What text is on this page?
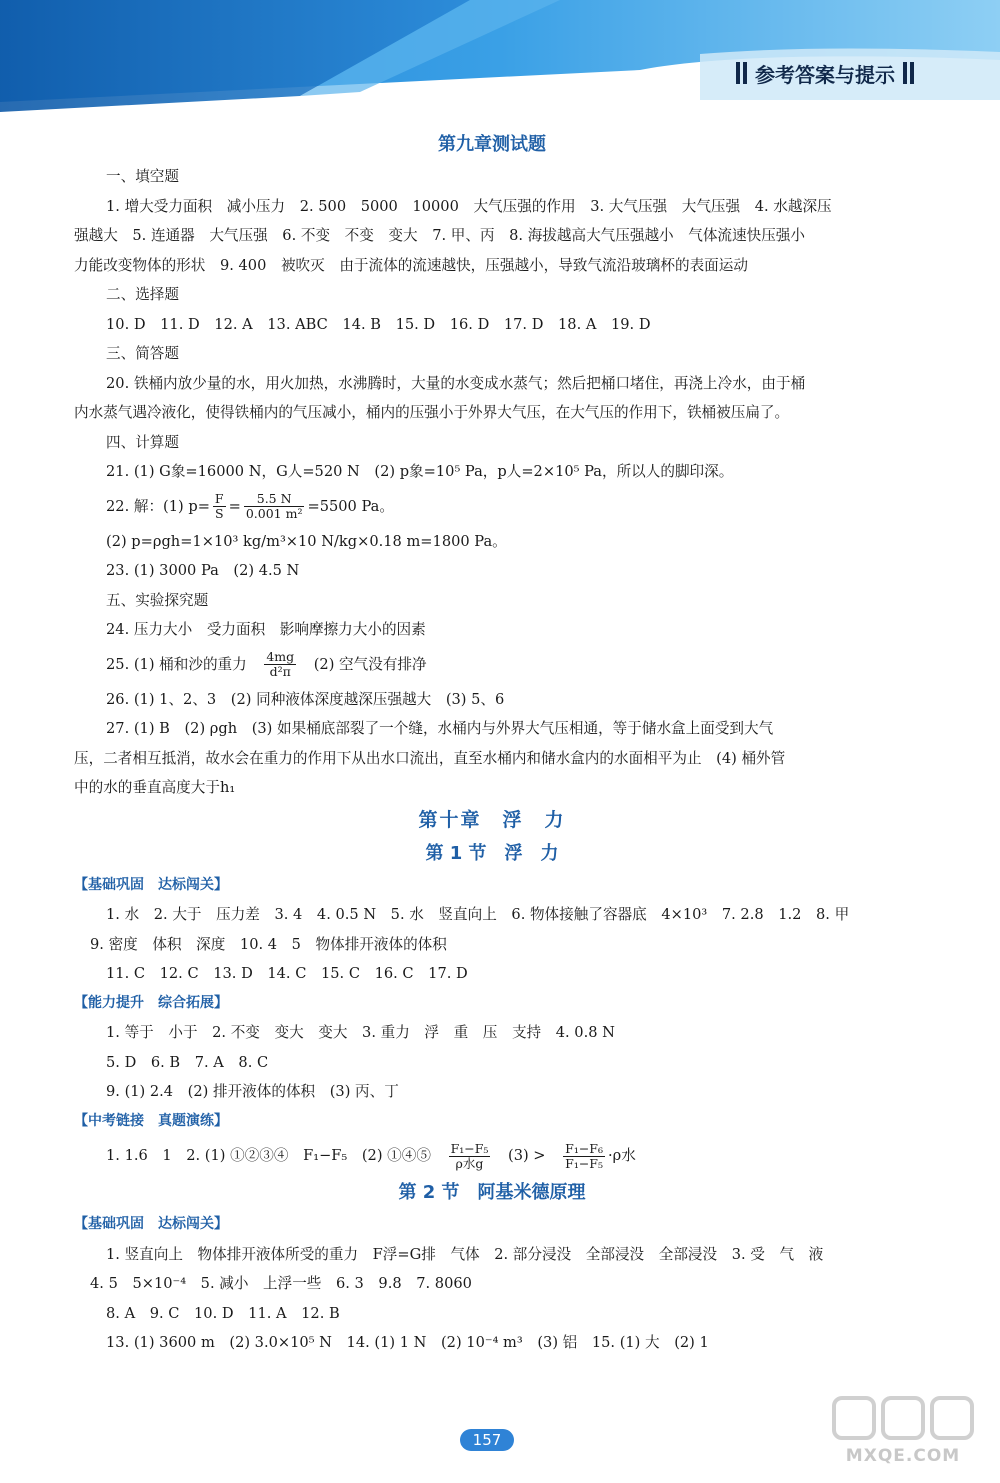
参考答案与提示
第九章测试题
一、填空题
1. 增大受力面积　减小压力　2. 500　5000　10000　大气压强的作用　3. 大气压强　大气压强　4. 水越深压
强越大　5. 连通器　大气压强　6. 不变　不变　变大　7. 甲、丙　8. 海拔越高大气压强越小　气体流速快压强小
力能改变物体的形状　9. 400　被吹灭　由于流体的流速越快，压强越小，导致气流沿玻璃杯的表面运动
二、选择题
10. D　11. D　12. A　13. ABC　14. B　15. D　16. D　17. D　18. A　19. D
三、简答题
20. 铁桶内放少量的水，用火加热，水沸腾时，大量的水变成水蒸气；然后把桶口堵住，再浇上冷水，由于桶
内水蒸气遇冷液化，使得铁桶内的气压减小，桶内的压强小于外界大气压，在大气压的作用下，铁桶被压扁了。
四、计算题
21. (1) G象=16000 N，G人=520 N　(2) p象=10⁵ Pa，p人=2×10⁵ Pa，所以人的脚印深。
22. 解：(1) $p= \frac{F}{S} = \frac{5.5 N}{\text{0.001 m²}} =5500$ Pa。
(2) p=ρgh=1×10³ kg/m³×10 N/kg×0.18 m=1800 Pa。
23. (1) 3000 Pa　(2) 4.5 N
五、实验探究题
24. 压力大小　受力面积　影响摩擦力大小的因素
25. (1) 桶和沙的重力　 $\frac{4mg}{\text{d²π}}$ 　(2) 空气没有排净
26. (1) 1、2、3　(2) 同种液体深度越深压强越大　(3) 5、6
27. (1) B　(2) ρgh　(3) 如果桶底部裂了一个缝，水桶内与外界大气压相通，等于储水盒上面受到大气
压，二者相互抵消，故水会在重力的作用下从出水口流出，直至水桶内和储水盒内的水面相平为止　(4) 桶外管
中的水的垂直高度大于h₁
第十章　浮　力
第 1 节　浮　力
【基础巩固　达标闯关】
1. 水　2. 大于　压力差　3. 4　4. 0.5 N　5. 水　竖直向上　6. 物体接触了容器底　4×10³　7. 2.8　1.2　8. 甲
9. 密度　体积　深度　10. 4　5　物体排开液体的体积
11. C　12. C　13. D　14. C　15. C　16. C　17. D
【能力提升　综合拓展】
1. 等于　小于　2. 不变　变大　变大　3. 重力　浮　重　压　支持　4. 0.8 N
5. D　6. B　7. A　8. C
9. (1) 2.4　(2) 排开液体的体积　(3) 丙、丁
【中考链接　真题演练】
1. 1.6　1　2. (1) ①②③④　F₁−F₅　(2) ①④⑤　 $\frac{\text{F₁−F₅}}{\text{ρ水g}}$ 　(3) >　 $\frac{\text{F₁−F₆}}{\text{F₁−F₅}} \cdot\rho$水
第 2 节　阿基米德原理
【基础巩固　达标闯关】
1. 竖直向上　物体排开液体所受的重力　F浮=G排　气体　2. 部分浸没　全部浸没　全部浸没　3. 受　气　液
4. 5　5×10⁻⁴　5. 减小　上浮一些　6. 3　9.8　7. 8060
8. A　9. C　10. D　11. A　12. B
13. (1) 3600 m　(2) 3.0×10⁵ N　14. (1) 1 N　(2) 10⁻⁴ m³　(3) 铝　15. (1) 大　(2) 1
157
MXQE.COM
